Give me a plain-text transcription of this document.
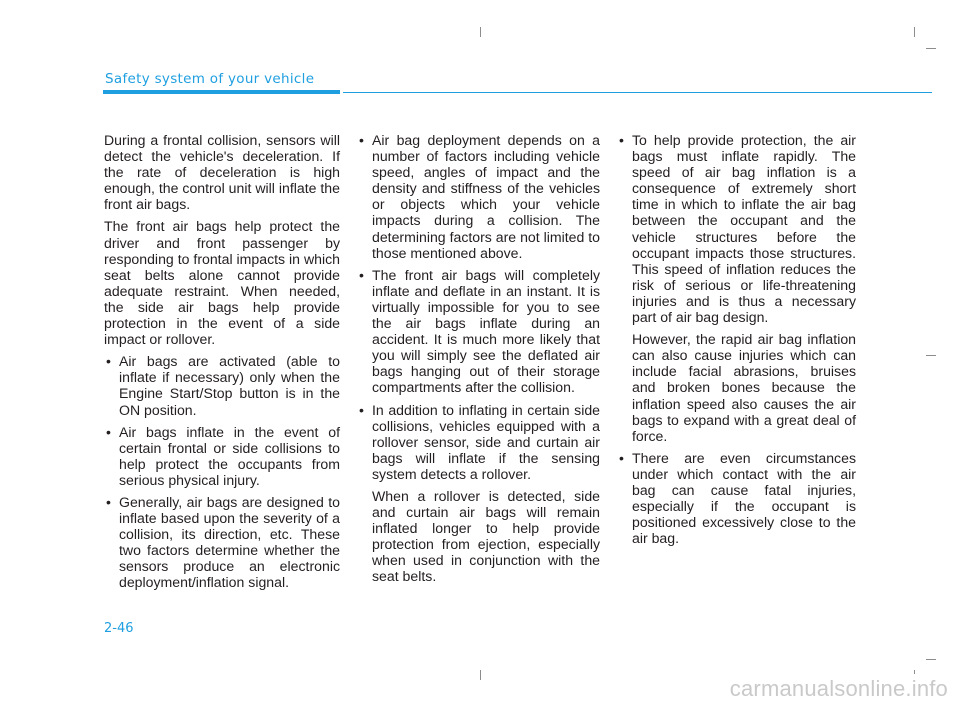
Safety system of your vehicle

During a frontal collision, sensors will detect the vehicle's deceleration. If the rate of deceleration is high enough, the control unit will inflate the front air bags.

The front air bags help protect the driver and front passenger by responding to frontal impacts in which seat belts alone cannot provide adequate restraint. When needed, the side air bags help provide protection in the event of a side impact or rollover.

• Air bags are activated (able to inflate if necessary) only when the Engine Start/Stop button is in the ON position.
• Air bags inflate in the event of certain frontal or side collisions to help protect the occupants from serious physical injury.
• Generally, air bags are designed to inflate based upon the severity of a collision, its direction, etc. These two factors determine whether the sensors produce an electronic deployment/inflation signal.
• Air bag deployment depends on a number of factors including vehicle speed, angles of impact and the density and stiffness of the vehicles or objects which your vehicle impacts during a collision. The determining factors are not limited to those mentioned above.
• The front air bags will completely inflate and deflate in an instant. It is virtually impossible for you to see the air bags inflate during an accident. It is much more likely that you will simply see the deflated air bags hanging out of their storage compartments after the collision.

• In addition to inflating in certain side collisions, vehicles equipped with a rollover sensor, side and curtain air bags will inflate if the sensing system detects a rollover.

When a rollover is detected, side and curtain air bags will remain inflated longer to help provide protection from ejection, especially when used in conjunction with the seat belts.

• To help provide protection, the air bags must inflate rapidly. The speed of air bag inflation is a consequence of extremely short time in which to inflate the air bag between the occupant and the vehicle structures before the occupant impacts those structures. This speed of inflation reduces the risk of serious or life-threatening injuries and is thus a necessary part of air bag design.

However, the rapid air bag inflation can also cause injuries which can include facial abrasions, bruises and broken bones because the inflation speed also causes the air bags to expand with a great deal of force.

• There are even circumstances under which contact with the air bag can cause fatal injuries, especially if the occupant is positioned excessively close to the air bag.
2-46
carmanualsonline.info
